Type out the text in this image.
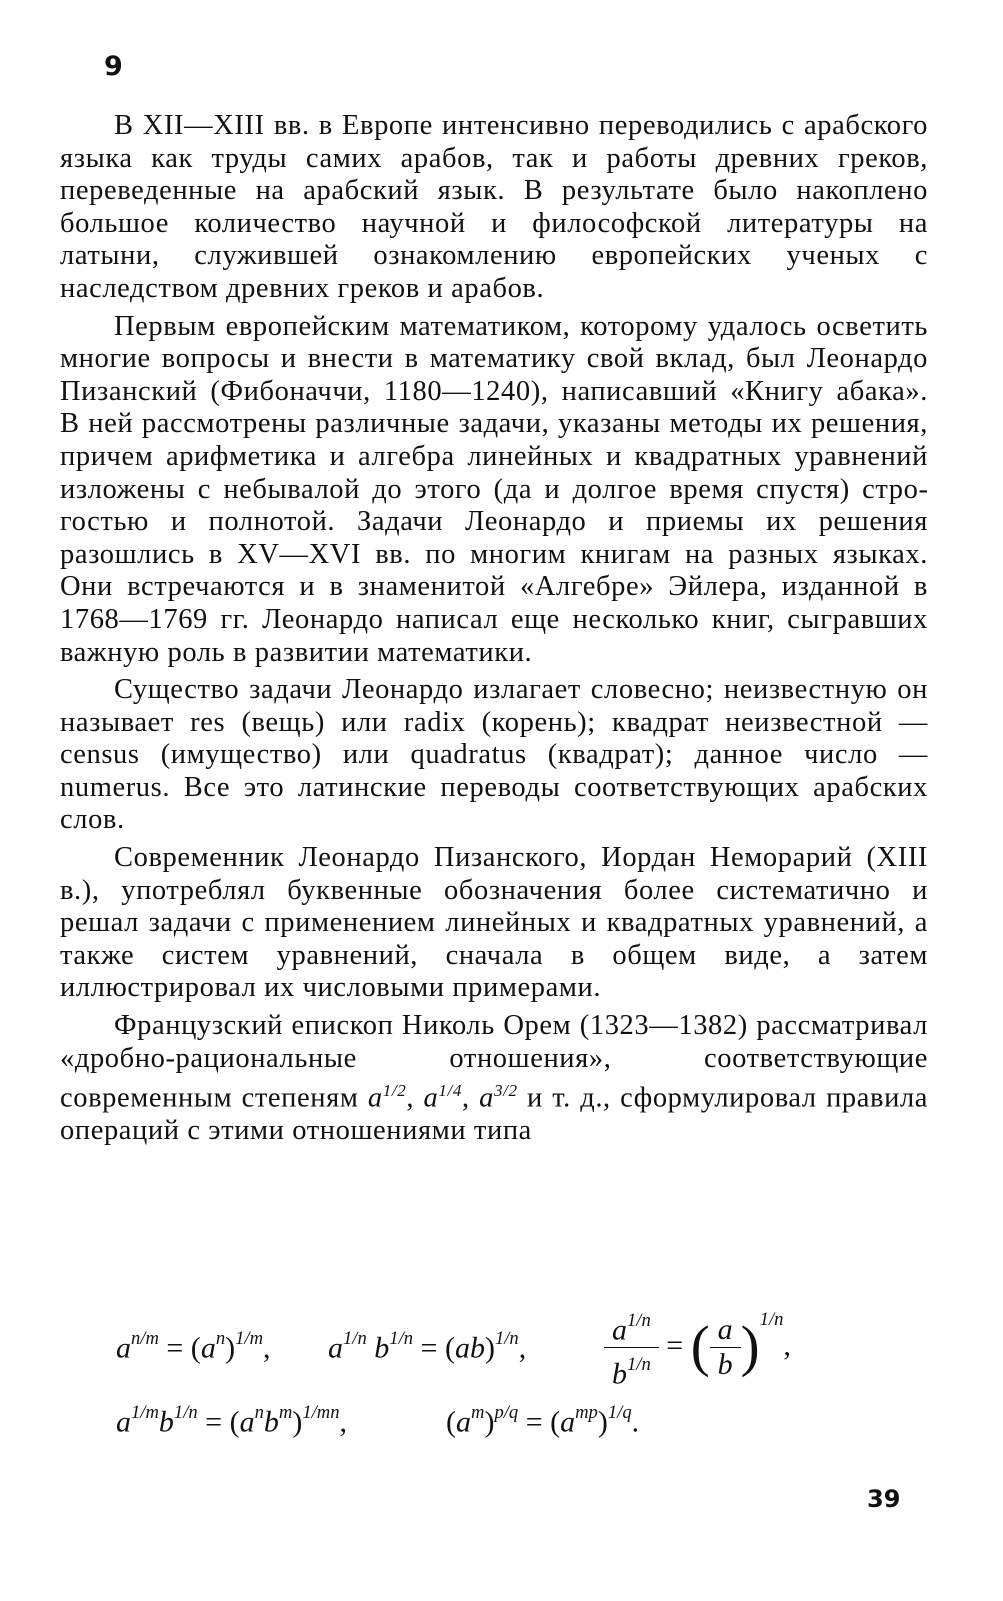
9

В XII—XIII вв. в Европе интенсивно переводились с арабского языка как труды самих арабов, так и работы древних греков, переведенные на арабский язык. В результате было накоплено большое количество научной и философской литературы на латыни, служившей ознакомлению европейских ученых с наследством древних греков и арабов.

Первым европейским математиком, которому удалось осветить многие вопросы и внести в математику свой вклад, был Леонардо Пизанский (Фибоначчи, 1180—1240), написавший «Книгу абака». В ней рассмотрены различные задачи, указаны методы их решения, причем арифметика и алгебра линейных и квадратных уравнений изложены с небывалой до этого (да и долгое время спустя) строгостью и полнотой. Задачи Леонардо и приемы их решения разошлись в XV—XVI вв. по многим книгам на разных языках. Они встречаются и в знаменитой «Алгебре» Эйлера, изданной в 1768—1769 гг. Леонардо написал еще несколько книг, сыгравших важную роль в развитии математики.

Существо задачи Леонардо излагает словесно; неизвестную он называет res (вещь) или radix (корень); квадрат неизвестной — census (имущество) или quadratus (квадрат); данное число — numerus. Все это латинские переводы соответствующих арабских слов.

Современник Леонардо Пизанского, Иордан Неморарий (XIII в.), употреблял буквенные обозначения более систематично и решал задачи с применением линейных и квадратных уравнений, а также систем уравнений, сначала в общем виде, а затем иллюстрировал их числовыми примерами.

Французский епископ Николь Орем (1323—1382) рассматривал «дробно-рациональные отношения», соответствующие современным степеням $a^{1/2}$, $a^{1/4}$, $a^{3/2}$ и т. д., сформулировал правила операций с этими отношениями типа

$a^{n/m} = (a^n)^{1/m}$, $a^{1/n}$ $b^{1/n} = (ab)^{1/n}$,	$\frac{a^{1/n}}{b^{1/n}}$ = ( $\frac{a}{b} )^{1/n}$,
$a^{1/m}b^{1/n} = (a^nb^m)^{1/mn}$,	$(a^m)^{p/q} = (a^{mp})^{1/q}$.
39
